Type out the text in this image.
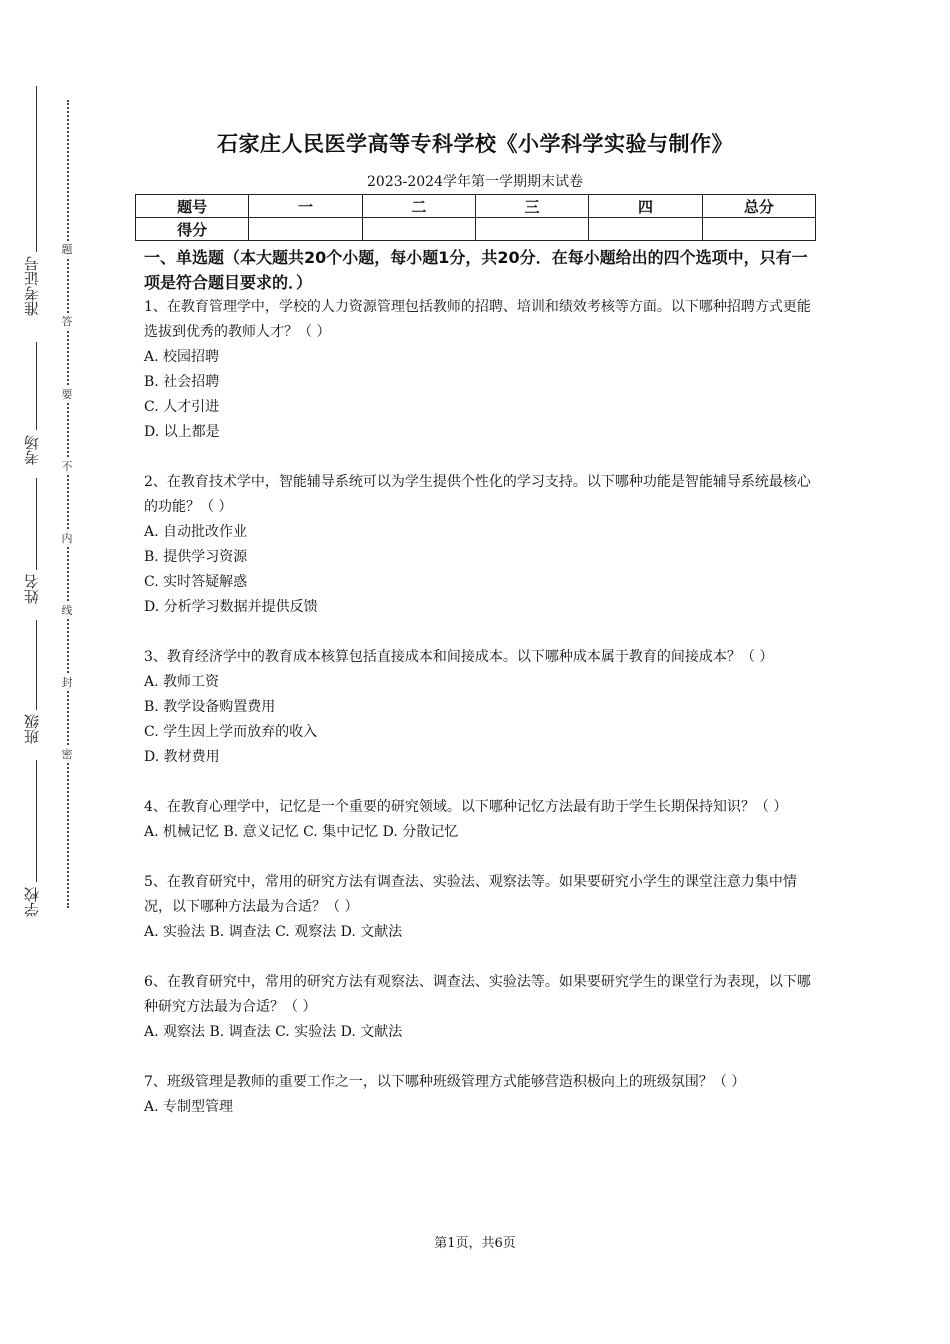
准考证号
考场
姓名
班级
学校
题
答
要
不
内
线
封
密
石家庄人民医学高等专科学校《小学科学实验与制作》
2023-2024学年第一学期期末试卷
题号	一	二	三	四	总分
得分					

一、单选题（本大题共20个小题，每小题1分，共20分．在每小题给出的四个选项中，只有一项是符合题目要求的．）

1、在教育管理学中，学校的人力资源管理包括教师的招聘、培训和绩效考核等方面。以下哪种招聘方式更能选拔到优秀的教师人才？（ ）

A. 校园招聘

B. 社会招聘

C. 人才引进

D. 以上都是

2、在教育技术学中，智能辅导系统可以为学生提供个性化的学习支持。以下哪种功能是智能辅导系统最核心的功能？（ ）

A. 自动批改作业

B. 提供学习资源

C. 实时答疑解惑

D. 分析学习数据并提供反馈

3、教育经济学中的教育成本核算包括直接成本和间接成本。以下哪种成本属于教育的间接成本？（ ）

A. 教师工资

B. 教学设备购置费用

C. 学生因上学而放弃的收入

D. 教材费用

4、在教育心理学中，记忆是一个重要的研究领域。以下哪种记忆方法最有助于学生长期保持知识？（ ）

A. 机械记忆 B. 意义记忆 C. 集中记忆 D. 分散记忆

5、在教育研究中，常用的研究方法有调查法、实验法、观察法等。如果要研究小学生的课堂注意力集中情况，以下哪种方法最为合适？（ ）

A. 实验法 B. 调查法 C. 观察法 D. 文献法

6、在教育研究中，常用的研究方法有观察法、调查法、实验法等。如果要研究学生的课堂行为表现，以下哪种研究方法最为合适？（ ）

A. 观察法 B. 调查法 C. 实验法 D. 文献法

7、班级管理是教师的重要工作之一，以下哪种班级管理方式能够营造积极向上的班级氛围？（ ）

A. 专制型管理

第1页，共6页
